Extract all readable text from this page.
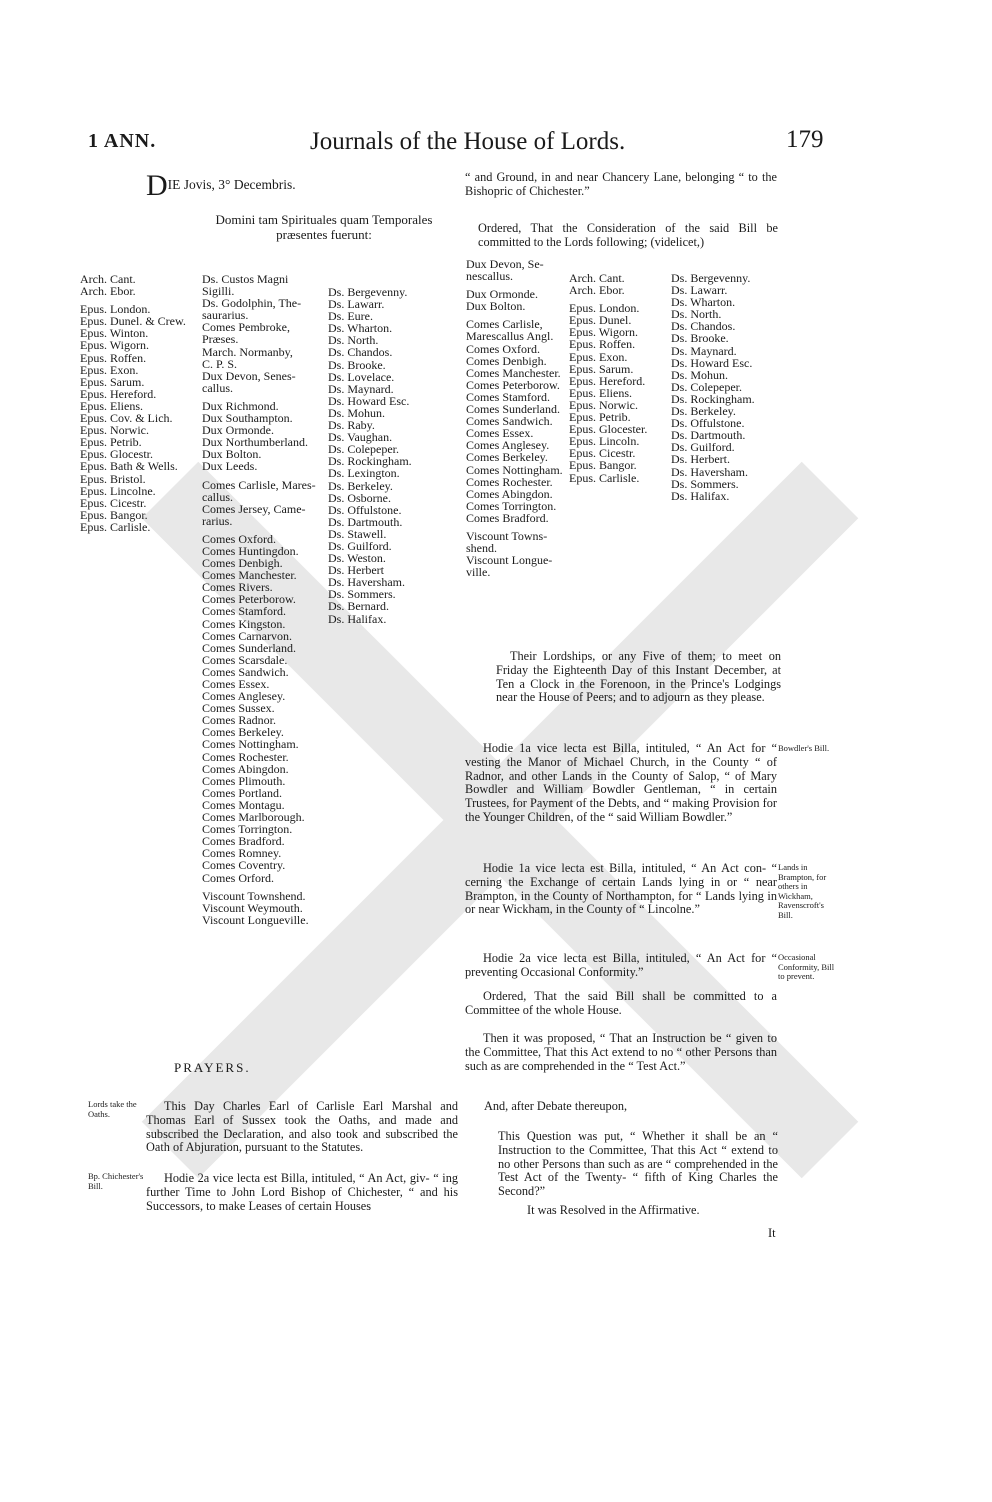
1 ANN.	Journals of the House of Lords.	179
DIE Jovis, 3° Decembris.
Domini tam Spirituales quam Temporales præsentes fuerunt:
Arch. Cant.
Arch. Ebor.
Epus. London.
Epus. Dunel. & Crew.
Epus. Winton.
Epus. Wigorn.
Epus. Roffen.
Epus. Exon.
Epus. Sarum.
Epus. Hereford.
Epus. Eliens.
Epus. Cov. & Lich.
Epus. Norwic.
Epus. Petrib.
Epus. Glocestr.
Epus. Bath & Wells.
Epus. Bristol.
Epus. Lincolne.
Epus. Cicestr.
Epus. Bangor.
Epus. Carlisle.
Ds. Custos Magni
Sigilli.
Ds. Godolphin, The-
saurarius.
Comes Pembroke,
Præses.
March. Normanby,
C. P. S.
Dux Devon, Senes-
callus.
Dux Richmond.
Dux Southampton.
Dux Ormonde.
Dux Northumberland.
Dux Bolton.
Dux Leeds.
Comes Carlisle, Mares-
callus.
Comes Jersey, Came-
rarius.
Comes Oxford.
Comes Huntingdon.
Comes Denbigh.
Comes Manchester.
Comes Rivers.
Comes Peterborow.
Comes Stamford.
Comes Kingston.
Comes Carnarvon.
Comes Sunderland.
Comes Scarsdale.
Comes Sandwich.
Comes Essex.
Comes Anglesey.
Comes Sussex.
Comes Radnor.
Comes Berkeley.
Comes Nottingham.
Comes Rochester.
Comes Abingdon.
Comes Plimouth.
Comes Portland.
Comes Montagu.
Comes Marlborough.
Comes Torrington.
Comes Bradford.
Comes Romney.
Comes Coventry.
Comes Orford.
Viscount Townshend.
Viscount Weymouth.
Viscount Longueville.
Ds. Bergevenny.
Ds. Lawarr.
Ds. Eure.
Ds. Wharton.
Ds. North.
Ds. Chandos.
Ds. Brooke.
Ds. Lovelace.
Ds. Maynard.
Ds. Howard Esc.
Ds. Mohun.
Ds. Raby.
Ds. Vaughan.
Ds. Colepeper.
Ds. Rockingham.
Ds. Lexington.
Ds. Berkeley.
Ds. Osborne.
Ds. Offulstone.
Ds. Dartmouth.
Ds. Stawell.
Ds. Guilford.
Ds. Weston.
Ds. Herbert
Ds. Haversham.
Ds. Sommers.
Ds. Bernard.
Ds. Halifax.
PRAYERS.
Lords take the Oaths.
This Day Charles Earl of Carlisle Earl Marshal and Thomas Earl of Sussex took the Oaths, and made and subscribed the Declaration, and also took and subscribed the Oath of Abjuration, pursuant to the Statutes.
Bp. Chichester's Bill.
Hodie 2a vice lecta est Billa, intituled, “ An Act, giv- “ ing further Time to John Lord Bishop of Chichester, “ and his Successors, to make Leases of certain Houses
“ and Ground, in and near Chancery Lane, belonging “ to the Bishopric of Chichester.”
Ordered, That the Consideration of the said Bill be committed to the Lords following; (videlicet,)
Dux Devon, Se-
nescallus.
Dux Ormonde.
Dux Bolton.
Comes Carlisle,
Marescallus Angl.
Comes Oxford.
Comes Denbigh.
Comes Manchester.
Comes Peterborow.
Comes Stamford.
Comes Sunderland.
Comes Sandwich.
Comes Essex.
Comes Anglesey.
Comes Berkeley.
Comes Nottingham.
Comes Rochester.
Comes Abingdon.
Comes Torrington.
Comes Bradford.
Viscount Towns-
shend.
Viscount Longue-
ville.
Arch. Cant.
Arch. Ebor.
Epus. London.
Epus. Dunel.
Epus. Wigorn.
Epus. Roffen.
Epus. Exon.
Epus. Sarum.
Epus. Hereford.
Epus. Eliens.
Epus. Norwic.
Epus. Petrib.
Epus. Glocester.
Epus. Lincoln.
Epus. Cicestr.
Epus. Bangor.
Epus. Carlisle.
Ds. Bergevenny.
Ds. Lawarr.
Ds. Wharton.
Ds. North.
Ds. Chandos.
Ds. Brooke.
Ds. Maynard.
Ds. Howard Esc.
Ds. Mohun.
Ds. Colepeper.
Ds. Rockingham.
Ds. Berkeley.
Ds. Offulstone.
Ds. Dartmouth.
Ds. Guilford.
Ds. Herbert.
Ds. Haversham.
Ds. Sommers.
Ds. Halifax.
Their Lordships, or any Five of them; to meet on Friday the Eighteenth Day of this Instant December, at Ten a Clock in the Forenoon, in the Prince's Lodgings near the House of Peers; and to adjourn as they please.
Hodie 1a vice lecta est Billa, intituled, “ An Act for “ vesting the Manor of Michael Church, in the County “ of Radnor, and other Lands in the County of Salop, “ of Mary Bowdler and William Bowdler Gentleman, “ in certain Trustees, for Payment of the Debts, and “ making Provision for the Younger Children, of the “ said William Bowdler.”
Bowdler's Bill.
Hodie 1a vice lecta est Billa, intituled, “ An Act con- “ cerning the Exchange of certain Lands lying in or “ near Brampton, in the County of Northampton, for “ Lands lying in or near Wickham, in the County of “ Lincolne.”
Lands in Brampton, for others in Wickham, Ravenscroft's Bill.
Hodie 2a vice lecta est Billa, intituled, “ An Act for “ preventing Occasional Conformity.”
Occasional Conformity, Bill to prevent.
Ordered, That the said Bill shall be committed to a Committee of the whole House.
Then it was proposed, “ That an Instruction be “ given to the Committee, That this Act extend to no “ other Persons than such as are comprehended in the “ Test Act.”
And, after Debate thereupon,
This Question was put, “ Whether it shall be an “ Instruction to the Committee, That this Act “ extend to no other Persons than such as are “ comprehended in the Test Act of the Twenty- “ fifth of King Charles the Second?”
It was Resolved in the Affirmative.
It
